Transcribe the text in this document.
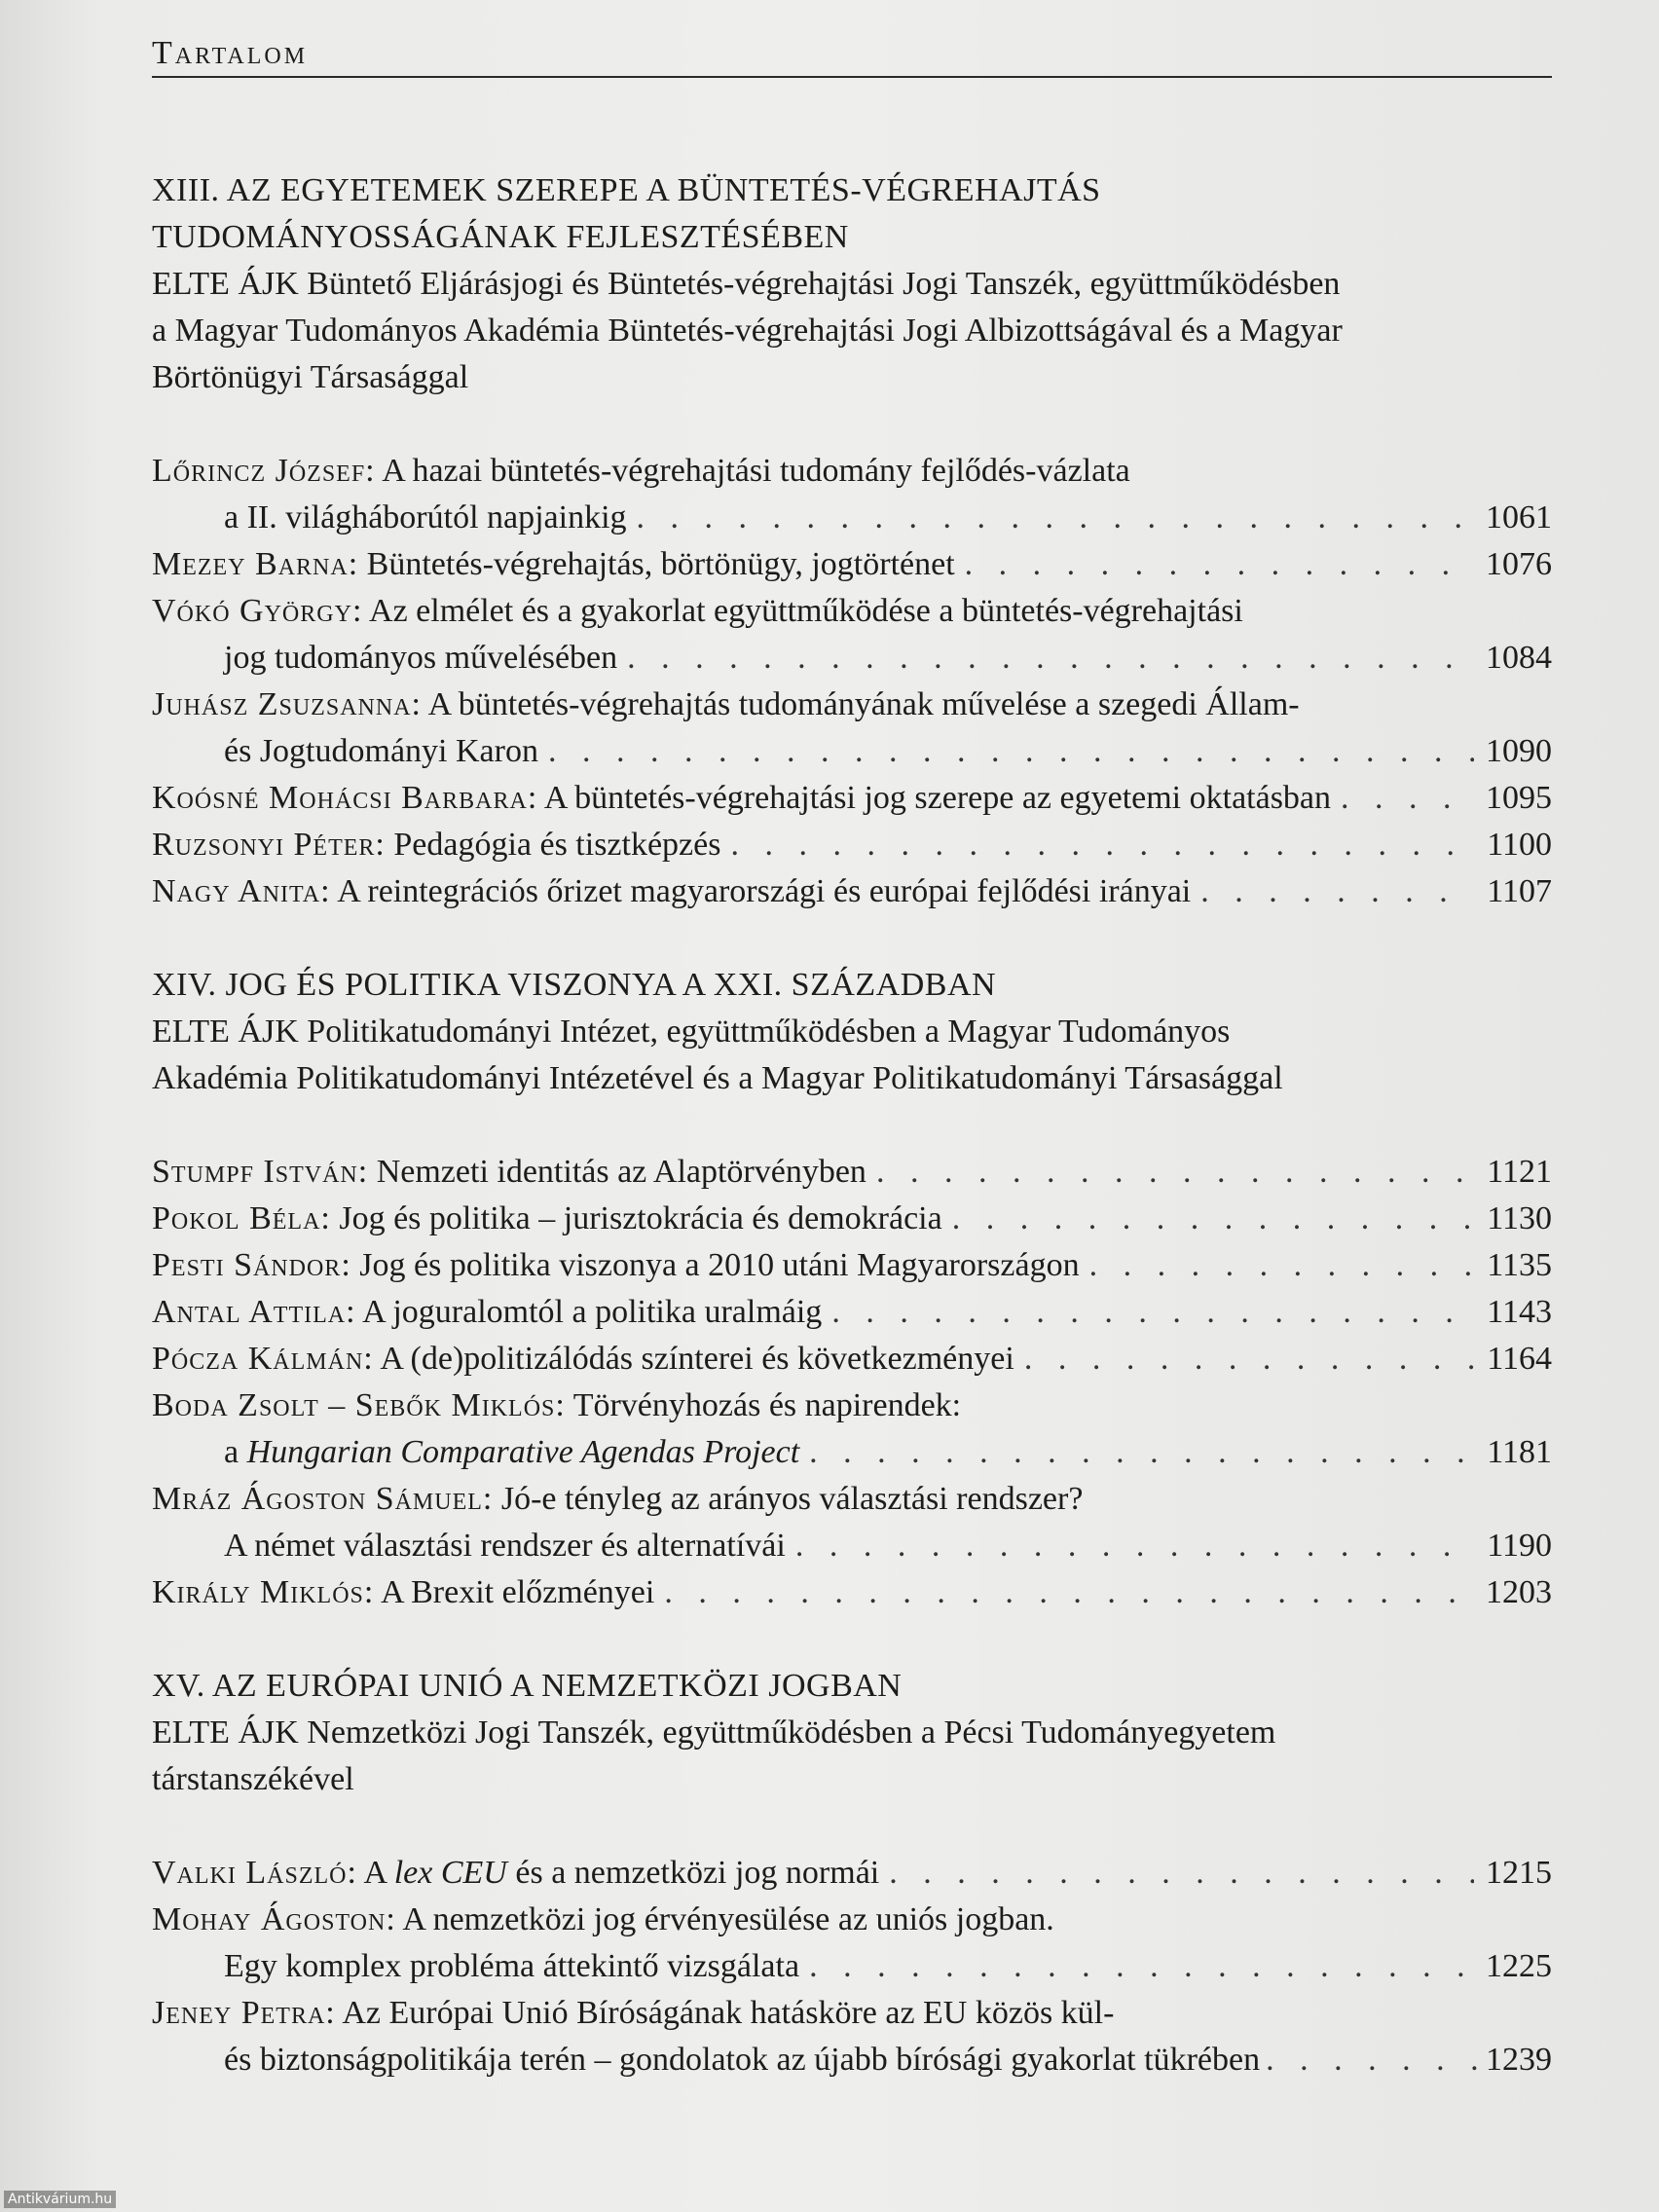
Tartalom
XIII. AZ EGYETEMEK SZEREPE A BÜNTETÉS-VÉGREHAJTÁS
TUDOMÁNYOSSÁGÁNAK FEJLESZTÉSÉBEN
ELTE ÁJK Büntető Eljárásjogi és Büntetés-végrehajtási Jogi Tanszék, együttműködésben
a Magyar Tudományos Akadémia Büntetés-végrehajtási Jogi Albizottságával és a Magyar
Börtönügyi Társasággal
Lőrincz József: A hazai büntetés-végrehajtási tudomány fejlődés-vázlata
a II. világháborútól napjainkig . . .	1061
Mezey Barna: Büntetés-végrehajtás, börtönügy, jogtörténet . . .	1076
Vókó György: Az elmélet és a gyakorlat együttműködése a büntetés-végrehajtási
jog tudományos művelésében . . .	1084
Juhász Zsuzsanna: A büntetés-végrehajtás tudományának művelése a szegedi Állam-
és Jogtudományi Karon . . .	1090
Koósné Mohácsi Barbara: A büntetés-végrehajtási jog szerepe az egyetemi oktatásban . . .	1095
Ruzsonyi Péter: Pedagógia és tisztképzés . . .	1100
Nagy Anita: A reintegrációs őrizet magyarországi és európai fejlődési irányai . . .	1107
XIV. JOG ÉS POLITIKA VISZONYA A XXI. SZÁZADBAN
ELTE ÁJK Politikatudományi Intézet, együttműködésben a Magyar Tudományos
Akadémia Politikatudományi Intézetével és a Magyar Politikatudományi Társasággal
Stumpf István: Nemzeti identitás az Alaptörvényben . . .	1121
Pokol Béla: Jog és politika – jurisztokrácia és demokrácia . . .	1130
Pesti Sándor: Jog és politika viszonya a 2010 utáni Magyarországon . . .	1135
Antal Attila: A joguralomtól a politika uralmáig . . .	1143
Pócza Kálmán: A (de)politizálódás színterei és következményei . . .	1164
Boda Zsolt – Sebők Miklós: Törvényhozás és napirendek:
a Hungarian Comparative Agendas Project . . .	1181
Mráz Ágoston Sámuel: Jó-e tényleg az arányos választási rendszer?
A német választási rendszer és alternatívái . . .	1190
Király Miklós: A Brexit előzményei . . .	1203
XV. AZ EURÓPAI UNIÓ A NEMZETKÖZI JOGBAN
ELTE ÁJK Nemzetközi Jogi Tanszék, együttműködésben a Pécsi Tudományegyetem
társtanszékével
Valki László: A lex CEU és a nemzetközi jog normái . . .	1215
Mohay Ágoston: A nemzetközi jog érvényesülése az uniós jogban.
Egy komplex probléma áttekintő vizsgálata . . .	1225
Jeney Petra: Az Európai Unió Bíróságának hatásköre az EU közös kül-
és biztonságpolitikája terén – gondolatok az újabb bírósági gyakorlat tükrében . . .	1239
Antikvárium.hu
